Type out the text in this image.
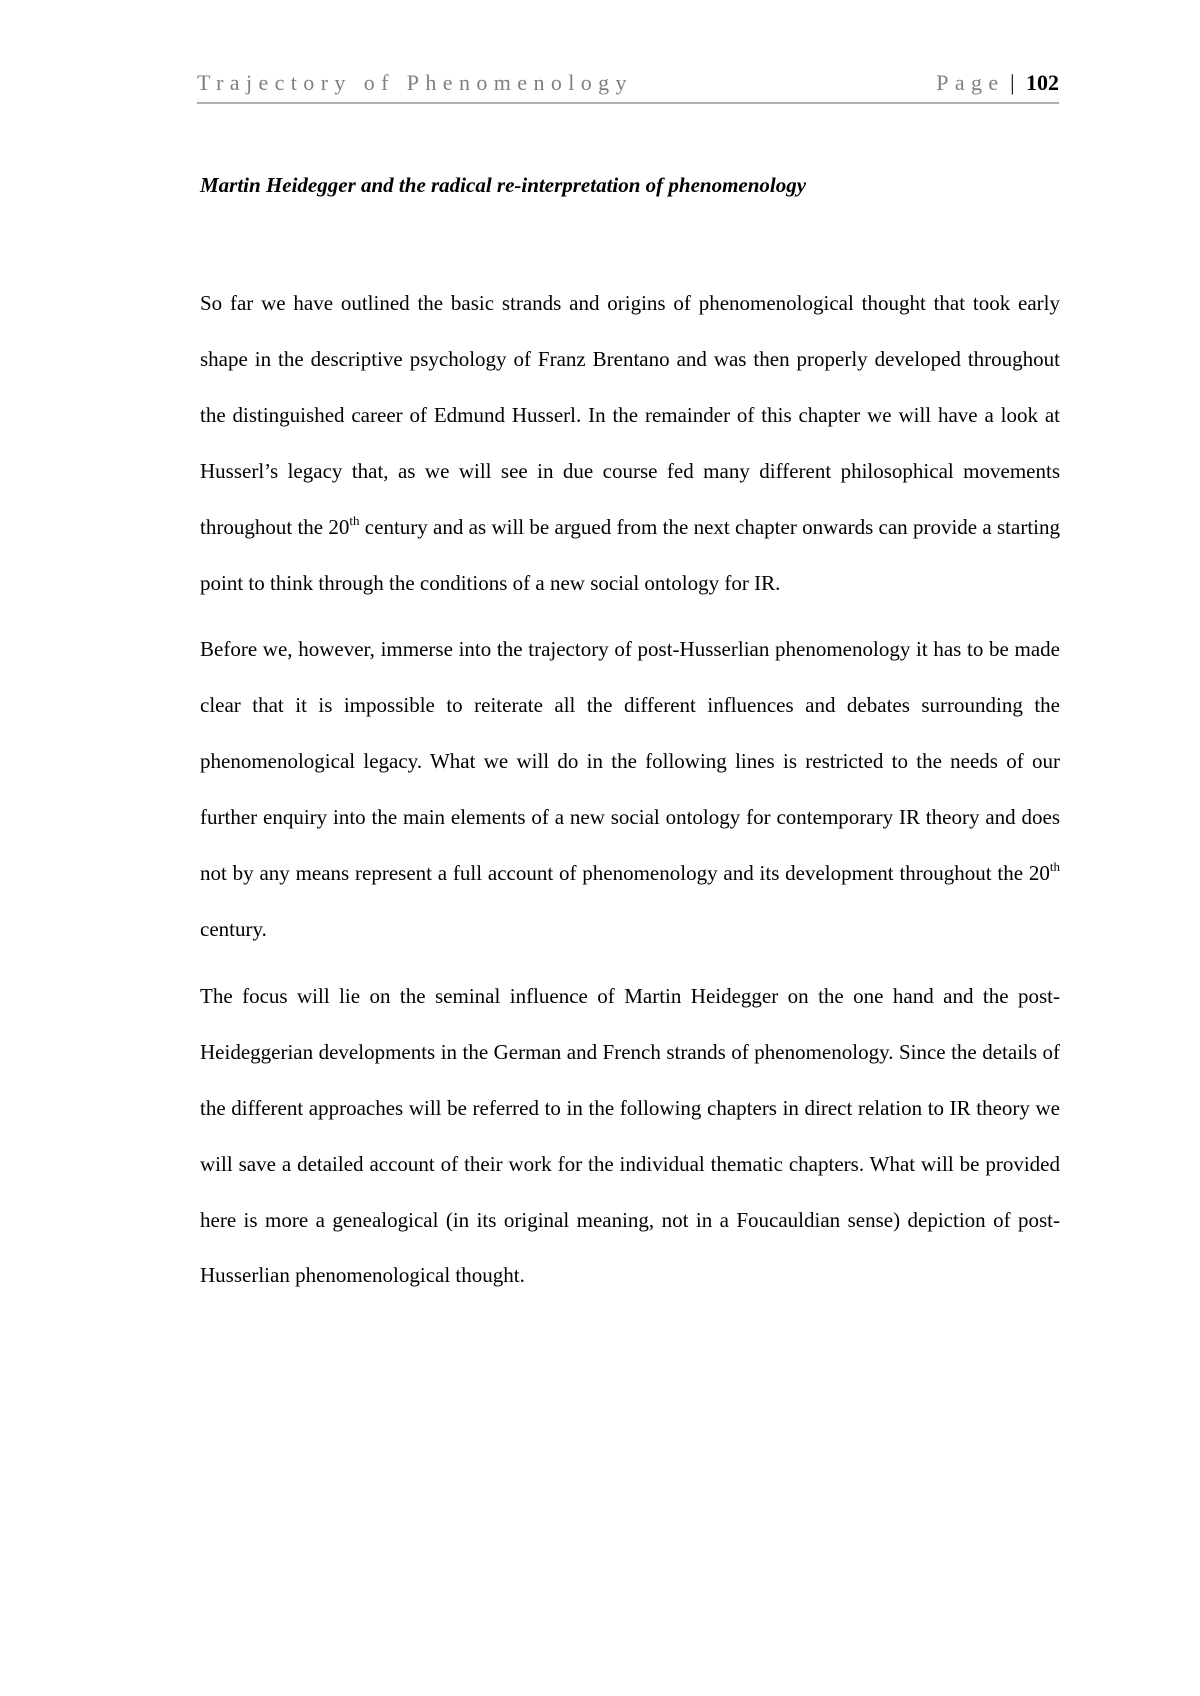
Trajectory of Phenomenology	Page | 102
Martin Heidegger and the radical re-interpretation of phenomenology

So far we have outlined the basic strands and origins of phenomenological thought that took early shape in the descriptive psychology of Franz Brentano and was then properly developed throughout the distinguished career of Edmund Husserl. In the remainder of this chapter we will have a look at Husserl’s legacy that, as we will see in due course fed many different philosophical movements throughout the 20th century and as will be argued from the next chapter onwards can provide a starting point to think through the conditions of a new social ontology for IR.

Before we, however, immerse into the trajectory of post-Husserlian phenomenology it has to be made clear that it is impossible to reiterate all the different influences and debates surrounding the phenomenological legacy. What we will do in the following lines is restricted to the needs of our further enquiry into the main elements of a new social ontology for contemporary IR theory and does not by any means represent a full account of phenomenology and its development throughout the 20th century.

The focus will lie on the seminal influence of Martin Heidegger on the one hand and the post-Heideggerian developments in the German and French strands of phenomenology. Since the details of the different approaches will be referred to in the following chapters in direct relation to IR theory we will save a detailed account of their work for the individual thematic chapters. What will be provided here is more a genealogical (in its original meaning, not in a Foucauldian sense) depiction of post-Husserlian phenomenological thought.
